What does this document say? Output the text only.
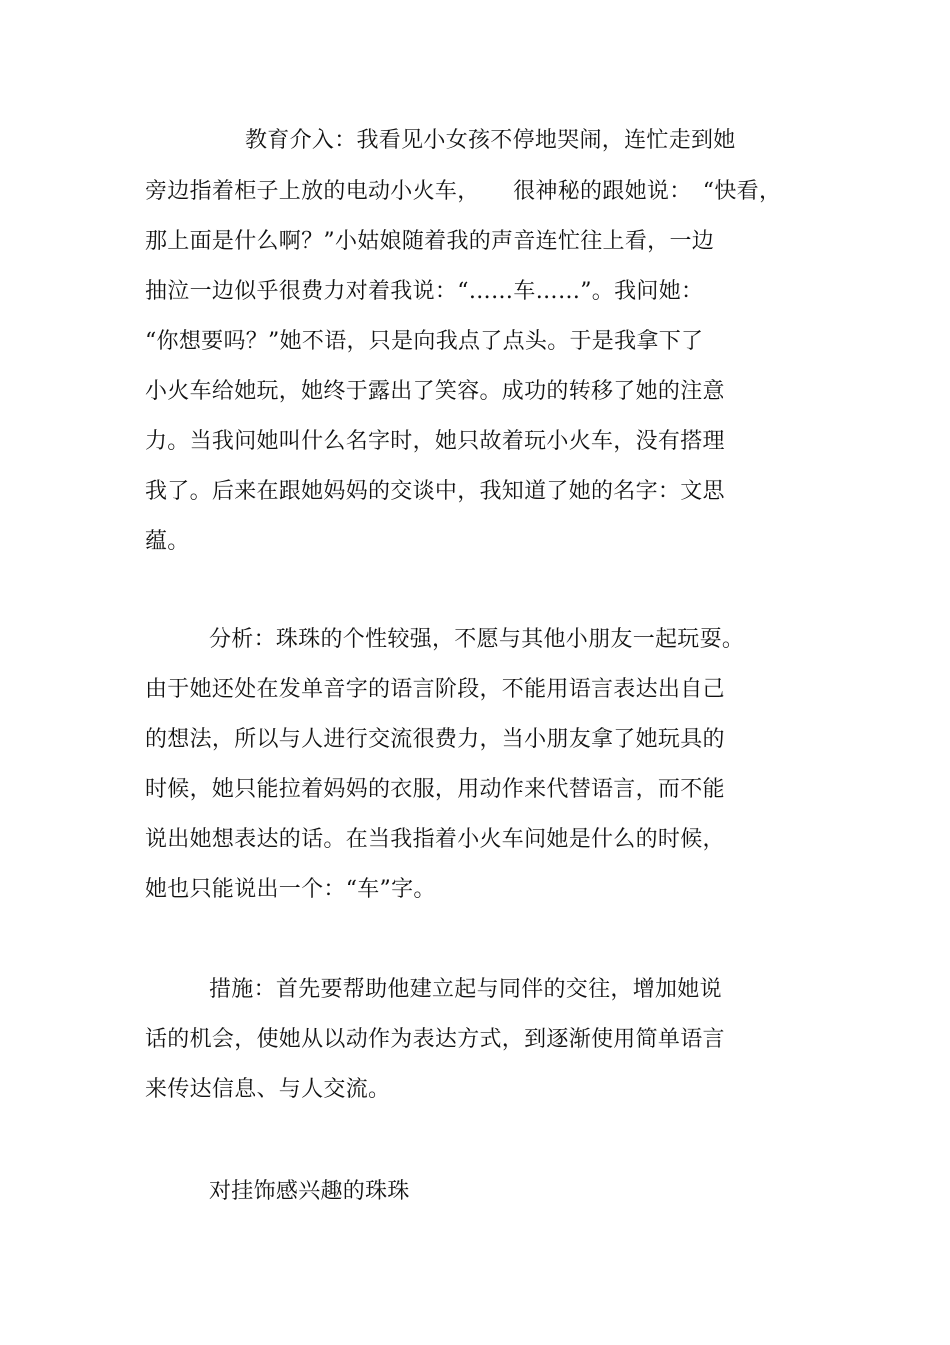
教育介入：我看见小女孩不停地哭闹，连忙走到她
旁边指着柜子上放的电动小火车，　　很神秘的跟她说：　“快看，
那上面是什么啊？”小姑娘随着我的声音连忙往上看，一边
抽泣一边似乎很费力对着我说：“……车……”。我问她：
“你想要吗？”她不语，只是向我点了点头。于是我拿下了
小火车给她玩，她终于露出了笑容。成功的转移了她的注意
力。当我问她叫什么名字时，她只故着玩小火车，没有搭理
我了。后来在跟她妈妈的交谈中，我知道了她的名字：文思
蕴。
分析：珠珠的个性较强，不愿与其他小朋友一起玩耍。
由于她还处在发单音字的语言阶段，不能用语言表达出自己
的想法，所以与人进行交流很费力，当小朋友拿了她玩具的
时候，她只能拉着妈妈的衣服，用动作来代替语言，而不能
说出她想表达的话。在当我指着小火车问她是什么的时候，
她也只能说出一个：“车”字。
措施：首先要帮助他建立起与同伴的交往，增加她说
话的机会，使她从以动作为表达方式，到逐渐使用简单语言
来传达信息、与人交流。
对挂饰感兴趣的珠珠
